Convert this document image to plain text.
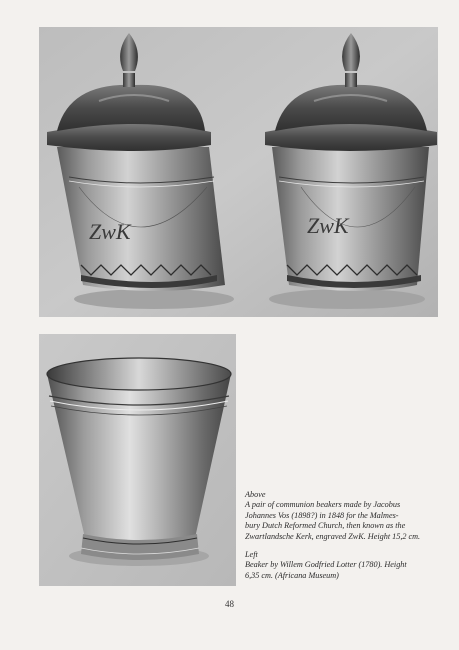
ZwK	ZwK

Above

A pair of communion beakers made by Jacobus

Johannes Vos (1898?) in 1848 for the Malmes-

bury Dutch Reformed Church, then known as the

Zwartlandsche Kerk, engraved ZwK. Height 15,2 cm.

Left

Beaker by Willem Godfried Lotter (1780). Height

6,35 cm. (Africana Museum)

48
